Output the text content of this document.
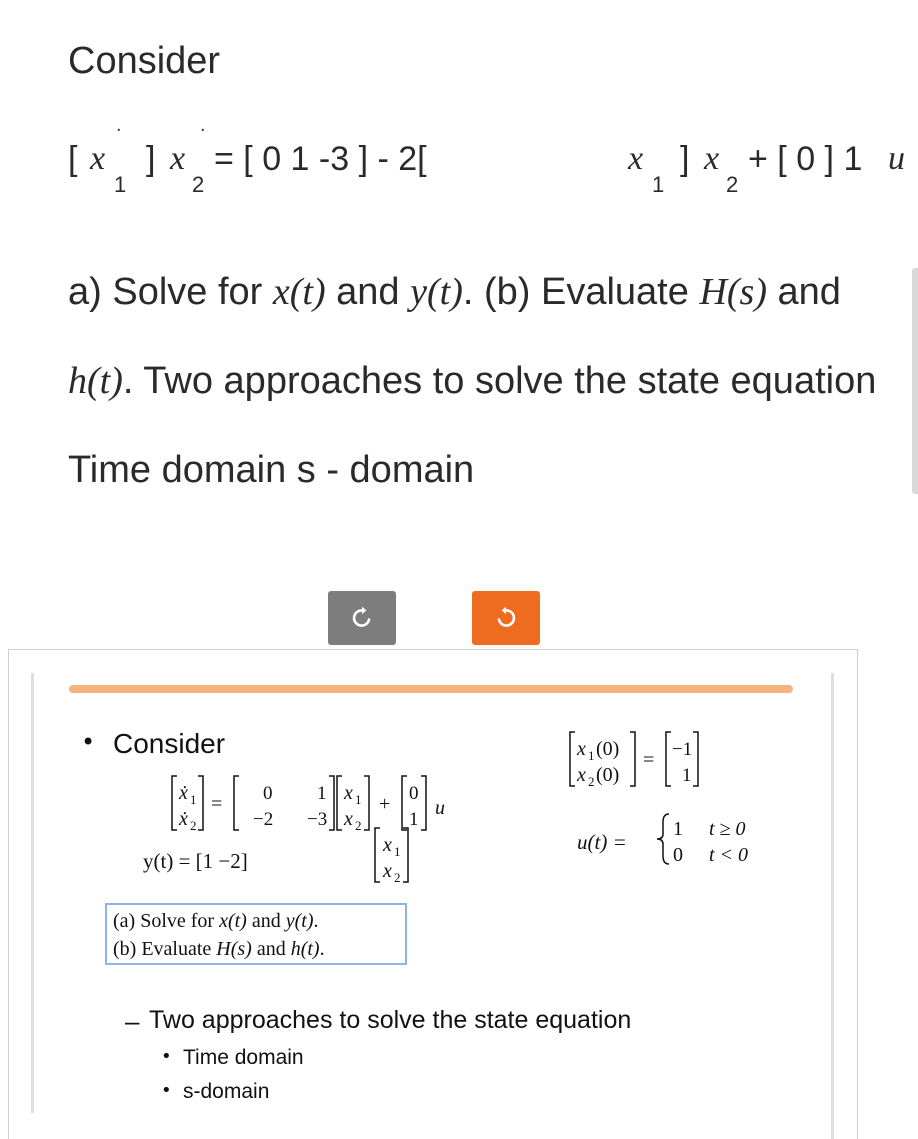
Consider
.	.
[ x
1
] x
2
= [ 0 1 -3 ] - 2[	x
1
] x
2
+ [ 0 ] 1 u
a) Solve for x(t) and y(t). (b) Evaluate H(s) and h(t). Two approaches to solve the state equation Time domain s - domain
• Consider
ẋ 1
ẋ 2
= 0 1
−2 −3
x 1
x 2
+ 0
1
u
y(t) = [1 −2]
x 1
x 2
x 1 (0)
x 2 (0)
= −1
1
u(t) =
1 t ≥ 0
0 t < 0
(a) Solve for x(t) and y(t).
(b) Evaluate H(s) and h(t).
– Two approaches to solve the state equation
• Time domain
• s-domain
